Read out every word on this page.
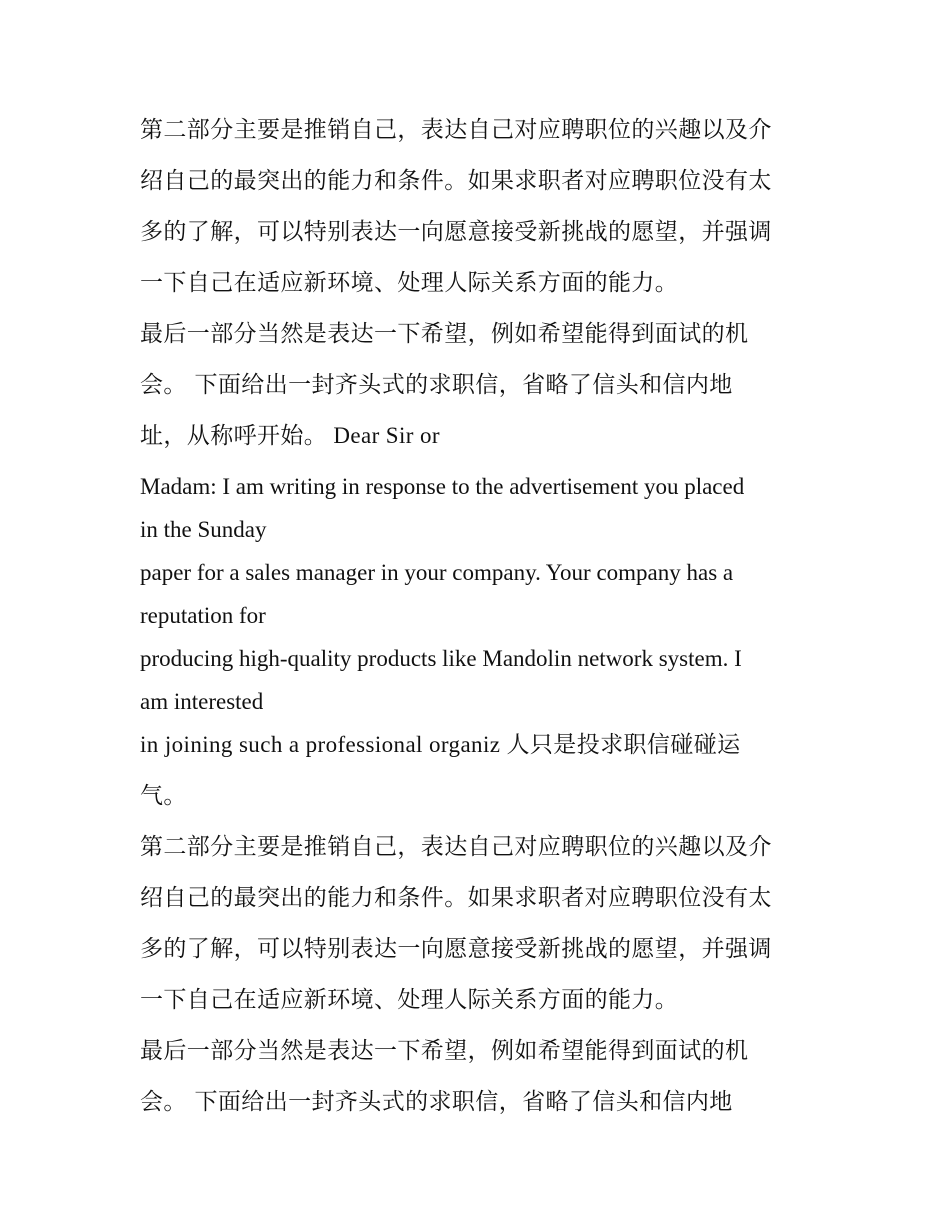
第二部分主要是推销自己，表达自己对应聘职位的兴趣以及介
绍自己的最突出的能力和条件。如果求职者对应聘职位没有太
多的了解，可以特别表达一向愿意接受新挑战的愿望，并强调
一下自己在适应新环境、处理人际关系方面的能力。
最后一部分当然是表达一下希望，例如希望能得到面试的机
会。 下面给出一封齐头式的求职信，省略了信头和信内地
址，从称呼开始。 Dear Sir or
Madam: I am writing in response to the advertisement you placed
in the Sunday
paper for a sales manager in your company. Your company has a
reputation for
producing high-quality products like Mandolin network system. I
am interested
in joining such a professional organiz 人只是投求职信碰碰运
气。
第二部分主要是推销自己，表达自己对应聘职位的兴趣以及介
绍自己的最突出的能力和条件。如果求职者对应聘职位没有太
多的了解，可以特别表达一向愿意接受新挑战的愿望，并强调
一下自己在适应新环境、处理人际关系方面的能力。
最后一部分当然是表达一下希望，例如希望能得到面试的机
会。 下面给出一封齐头式的求职信，省略了信头和信内地
